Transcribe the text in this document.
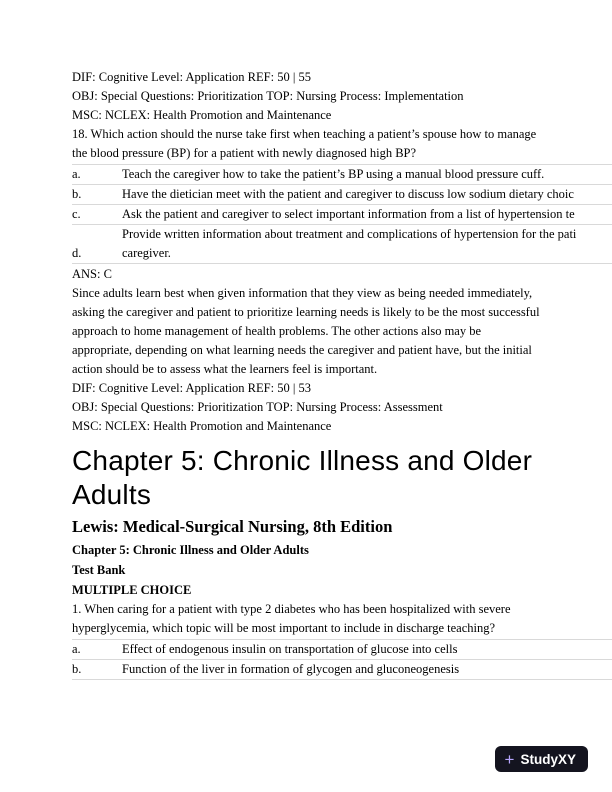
DIF: Cognitive Level: Application REF: 50 | 55

OBJ: Special Questions: Prioritization TOP: Nursing Process: Implementation

MSC: NCLEX: Health Promotion and Maintenance

18. Which action should the nurse take first when teaching a patient’s spouse how to manage the blood pressure (BP) for a patient with newly diagnosed high BP?

a.	Teach the caregiver how to take the patient’s BP using a manual blood pressure cuff.

b.	Have the dietician meet with the patient and caregiver to discuss low sodium dietary choic

c.	Ask the patient and caregiver to select important information from a list of hypertension te

d.	Provide written information about treatment and complications of hypertension for the pati
caregiver.

ANS: C

Since adults learn best when given information that they view as being needed immediately, asking the caregiver and patient to prioritize learning needs is likely to be the most successful approach to home management of health problems. The other actions also may be appropriate, depending on what learning needs the caregiver and patient have, but the initial action should be to assess what the learners feel is important.

DIF: Cognitive Level: Application REF: 50 | 53

OBJ: Special Questions: Prioritization TOP: Nursing Process: Assessment

MSC: NCLEX: Health Promotion and Maintenance

Chapter 5: Chronic Illness and Older Adults

Lewis: Medical-Surgical Nursing, 8th Edition

Chapter 5: Chronic Illness and Older Adults

Test Bank

MULTIPLE CHOICE

1. When caring for a patient with type 2 diabetes who has been hospitalized with severe hyperglycemia, which topic will be most important to include in discharge teaching?

a.	Effect of endogenous insulin on transportation of glucose into cells

b.	Function of the liver in formation of glycogen and gluconeogenesis
+ StudyXY
